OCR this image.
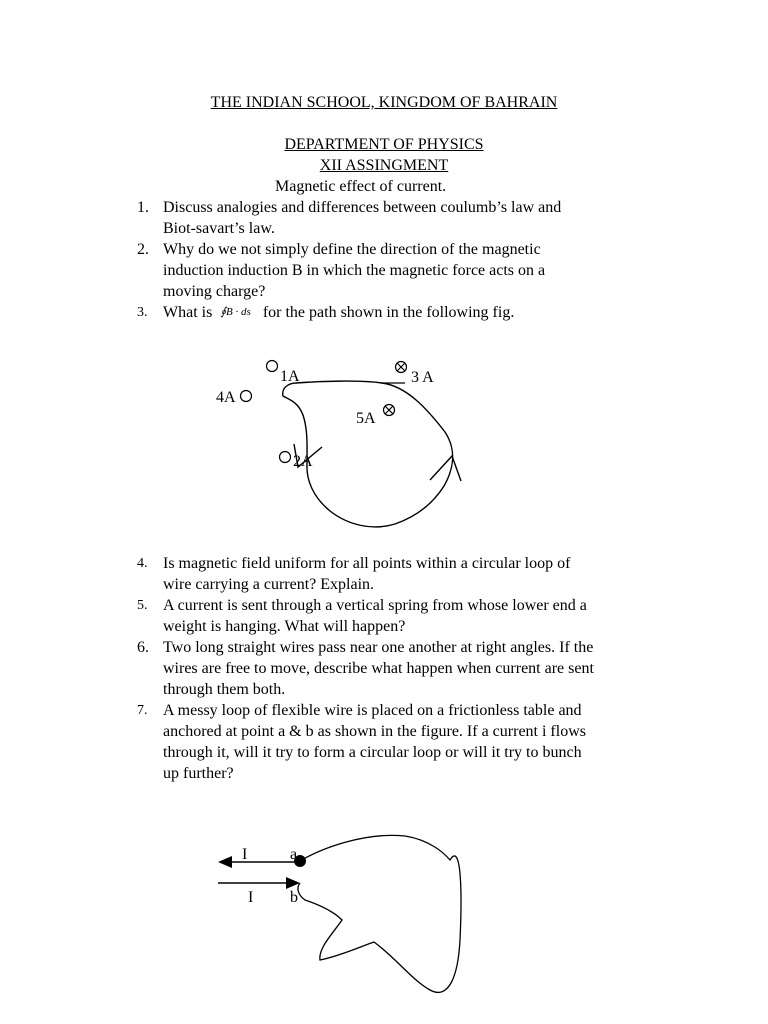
THE INDIAN SCHOOL, KINGDOM OF BAHRAIN
DEPARTMENT OF PHYSICS
XII ASSINGMENT
Magnetic effect of current.
1. Discuss analogies and differences between coulumb’s law and
Biot-savart’s law.
2. Why do we not simply define the direction of the magnetic
induction induction B in which the magnetic force acts on a
moving charge?
3. What is ∮B · ds for the path shown in the following fig.
1A	3 A
4A
5A
2A
4. Is magnetic field uniform for all points within a circular loop of
wire carrying a current? Explain.
5. A current is sent through a vertical spring from whose lower end a
weight is hanging. What will happen?
6. Two long straight wires pass near one another at right angles. If the
wires are free to move, describe what happen when current are sent
through them both.
7. A messy loop of flexible wire is placed on a frictionless table and
anchored at point a & b as shown in the figure. If a current i flows
through it, will it try to form a circular loop or will it try to bunch
up further?
I	a
I b
